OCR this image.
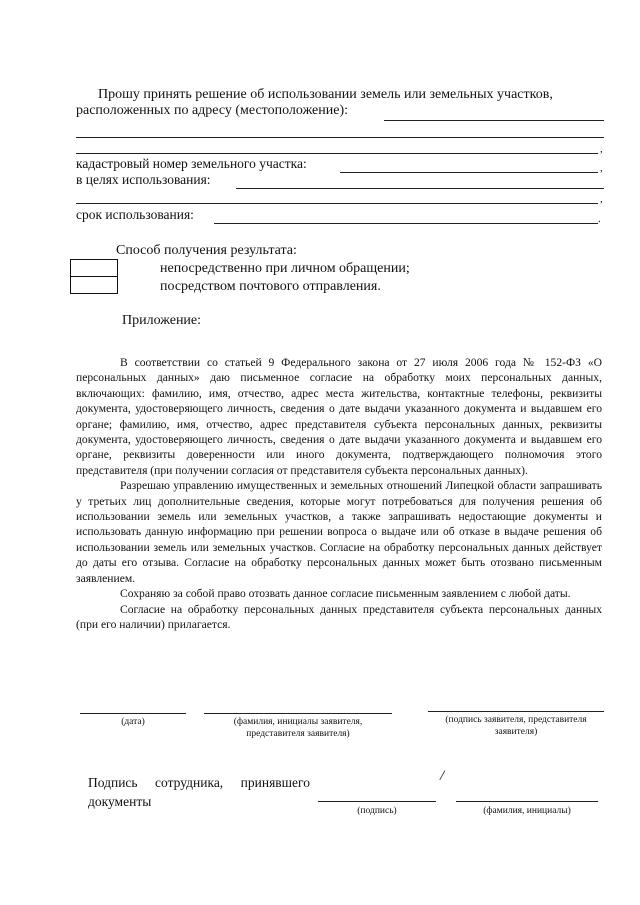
Прошу принять решение об использовании земель или земельных участков,
расположенных по адресу (местоположение):
,
кадастровый номер земельного участка:	,
в целях использования:
,
срок использования:	.
Способ получения результата:
непосредственно при личном обращении;
посредством почтового отправления.
Приложение:

В соответствии со статьей 9 Федерального закона от 27 июля 2006 года № 152-ФЗ «О персональных данных» даю письменное согласие на обработку моих персональных данных, включающих: фамилию, имя, отчество, адрес места жительства, контактные телефоны, реквизиты документа, удостоверяющего личность, сведения о дате выдачи указанного документа и выдавшем его органе; фамилию, имя, отчество, адрес представителя субъекта персональных данных, реквизиты документа, удостоверяющего личность, сведения о дате выдачи указанного документа и выдавшем его органе, реквизиты доверенности или иного документа, подтверждающего полномочия этого представителя (при получении согласия от представителя субъекта персональных данных).

Разрешаю управлению имущественных и земельных отношений Липецкой области запрашивать у третьих лиц дополнительные сведения, которые могут потребоваться для получения решения об использовании земель или земельных участков, а также запрашивать недостающие документы и использовать данную информацию при решении вопроса о выдаче или об отказе в выдаче решения об использовании земель или земельных участков. Согласие на обработку персональных данных действует до даты его отзыва. Согласие на обработку персональных данных может быть отозвано письменным заявлением.

Сохраняю за собой право отозвать данное согласие письменным заявлением с любой даты.

Согласие на обработку персональных данных представителя субъекта персональных данных (при его наличии) прилагается.

(дата)	(фамилия, инициалы заявителя, представителя заявителя)
(подпись заявителя, представителя заявителя)
Подпись сотрудника, принявшего документы
/
(подпись)	(фамилия, инициалы)
